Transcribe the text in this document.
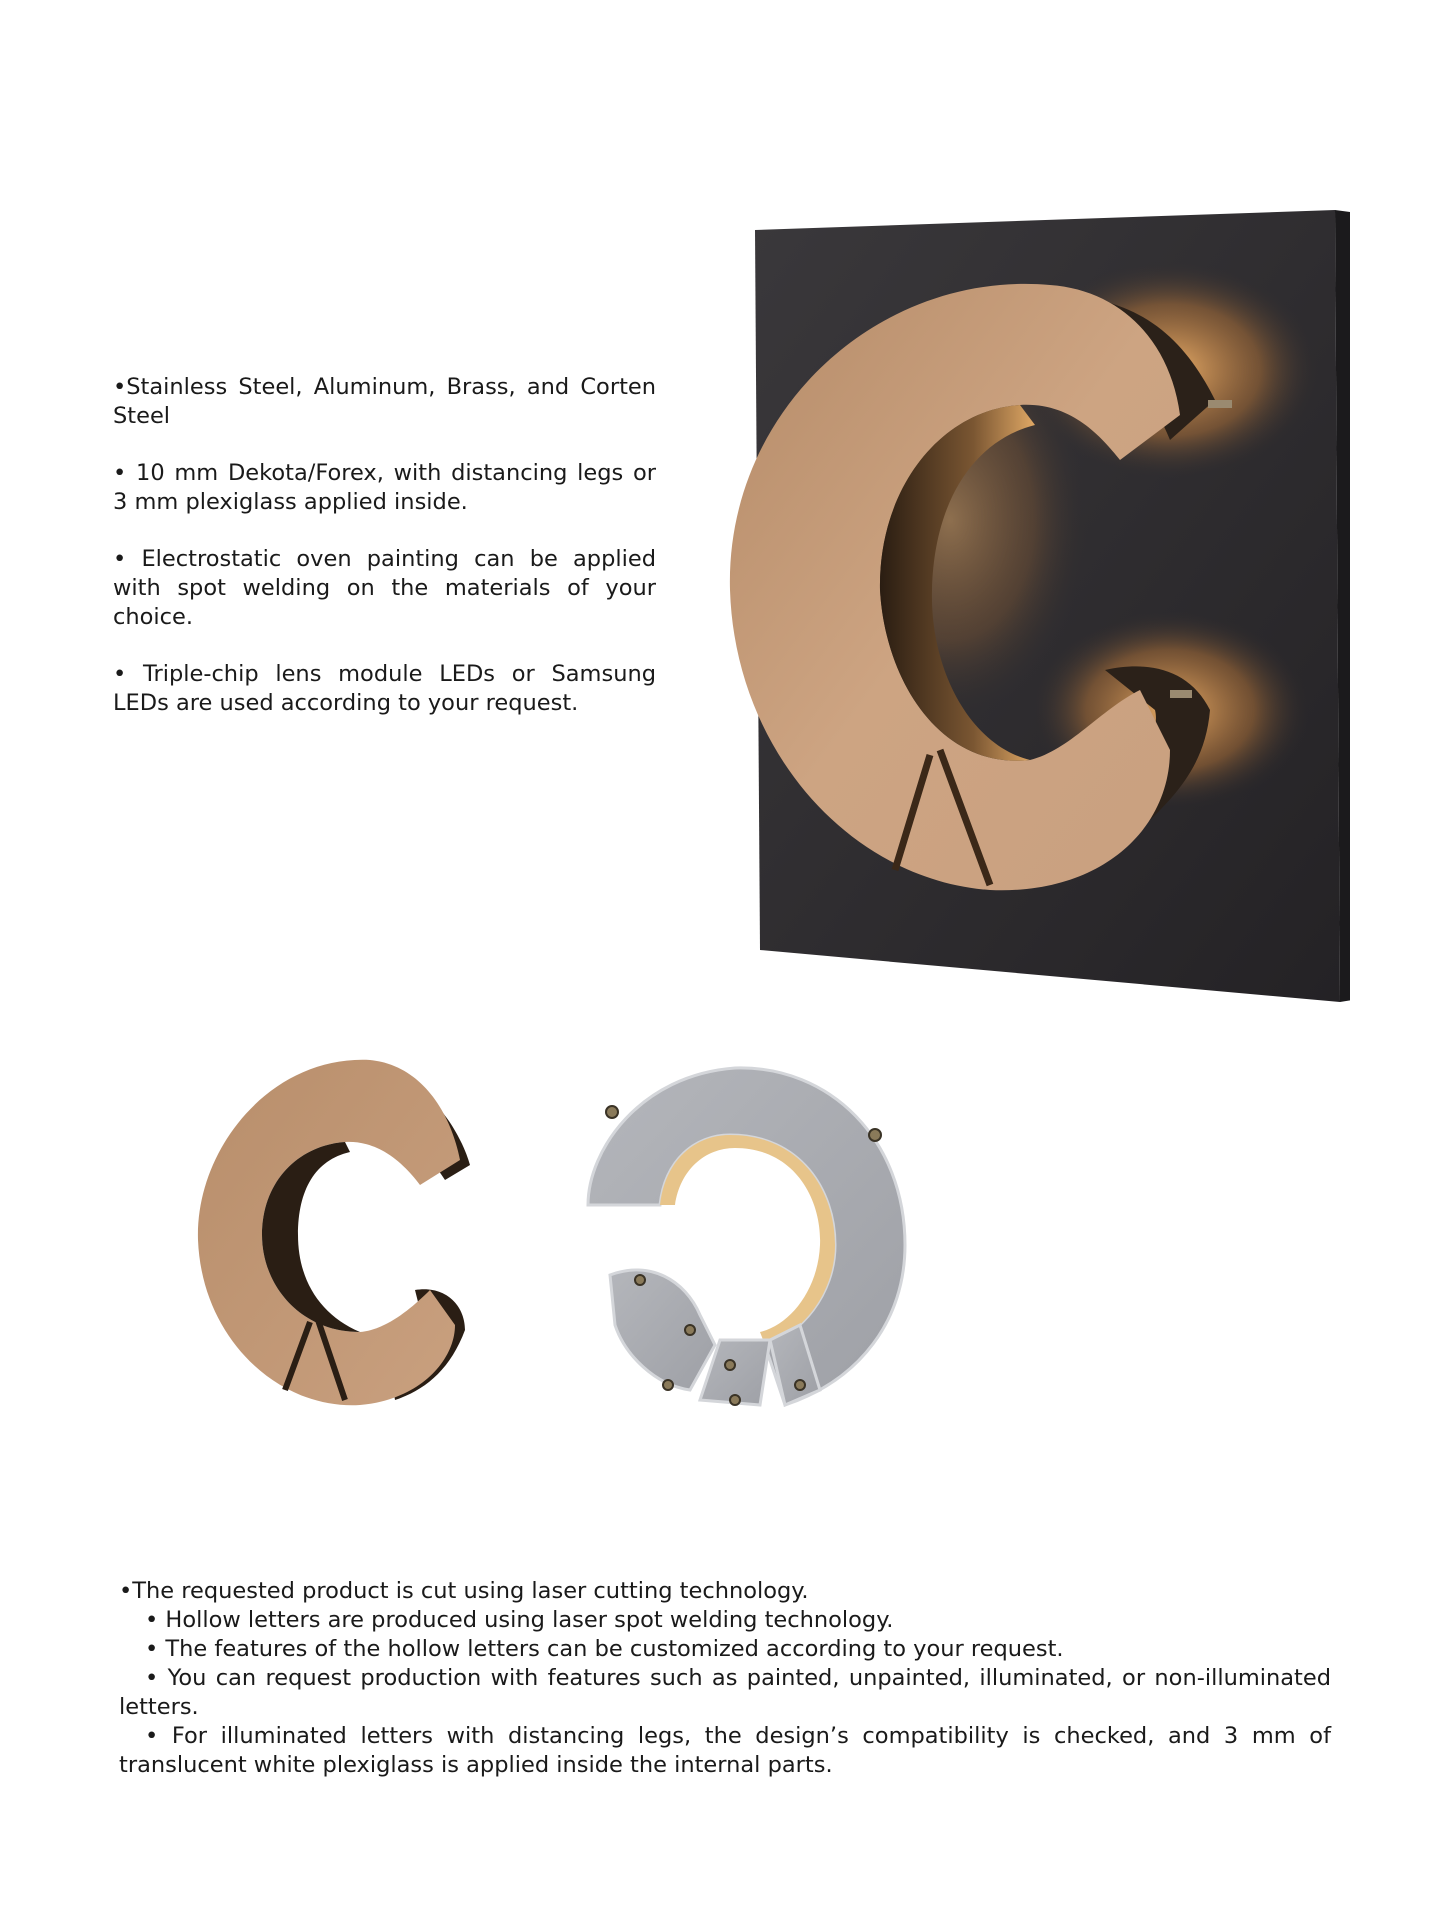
•Stainless Steel, Aluminum, Brass, and Corten Steel

• 10 mm Dekota/Forex, with distancing legs or 3 mm plexiglass applied inside.

• Electrostatic oven painting can be applied with spot welding on the materials of your choice.

• Triple-chip lens module LEDs or Samsung LEDs are used according to your request.

•The requested product is cut using laser cutting technology.

• Hollow letters are produced using laser spot welding technology.

• The features of the hollow letters can be customized according to your request.

• You can request production with features such as painted, unpainted, illuminated, or non-illuminated letters.

• For illuminated letters with distancing legs, the design’s compatibility is checked, and 3 mm of translucent white plexiglass is applied inside the internal parts.
